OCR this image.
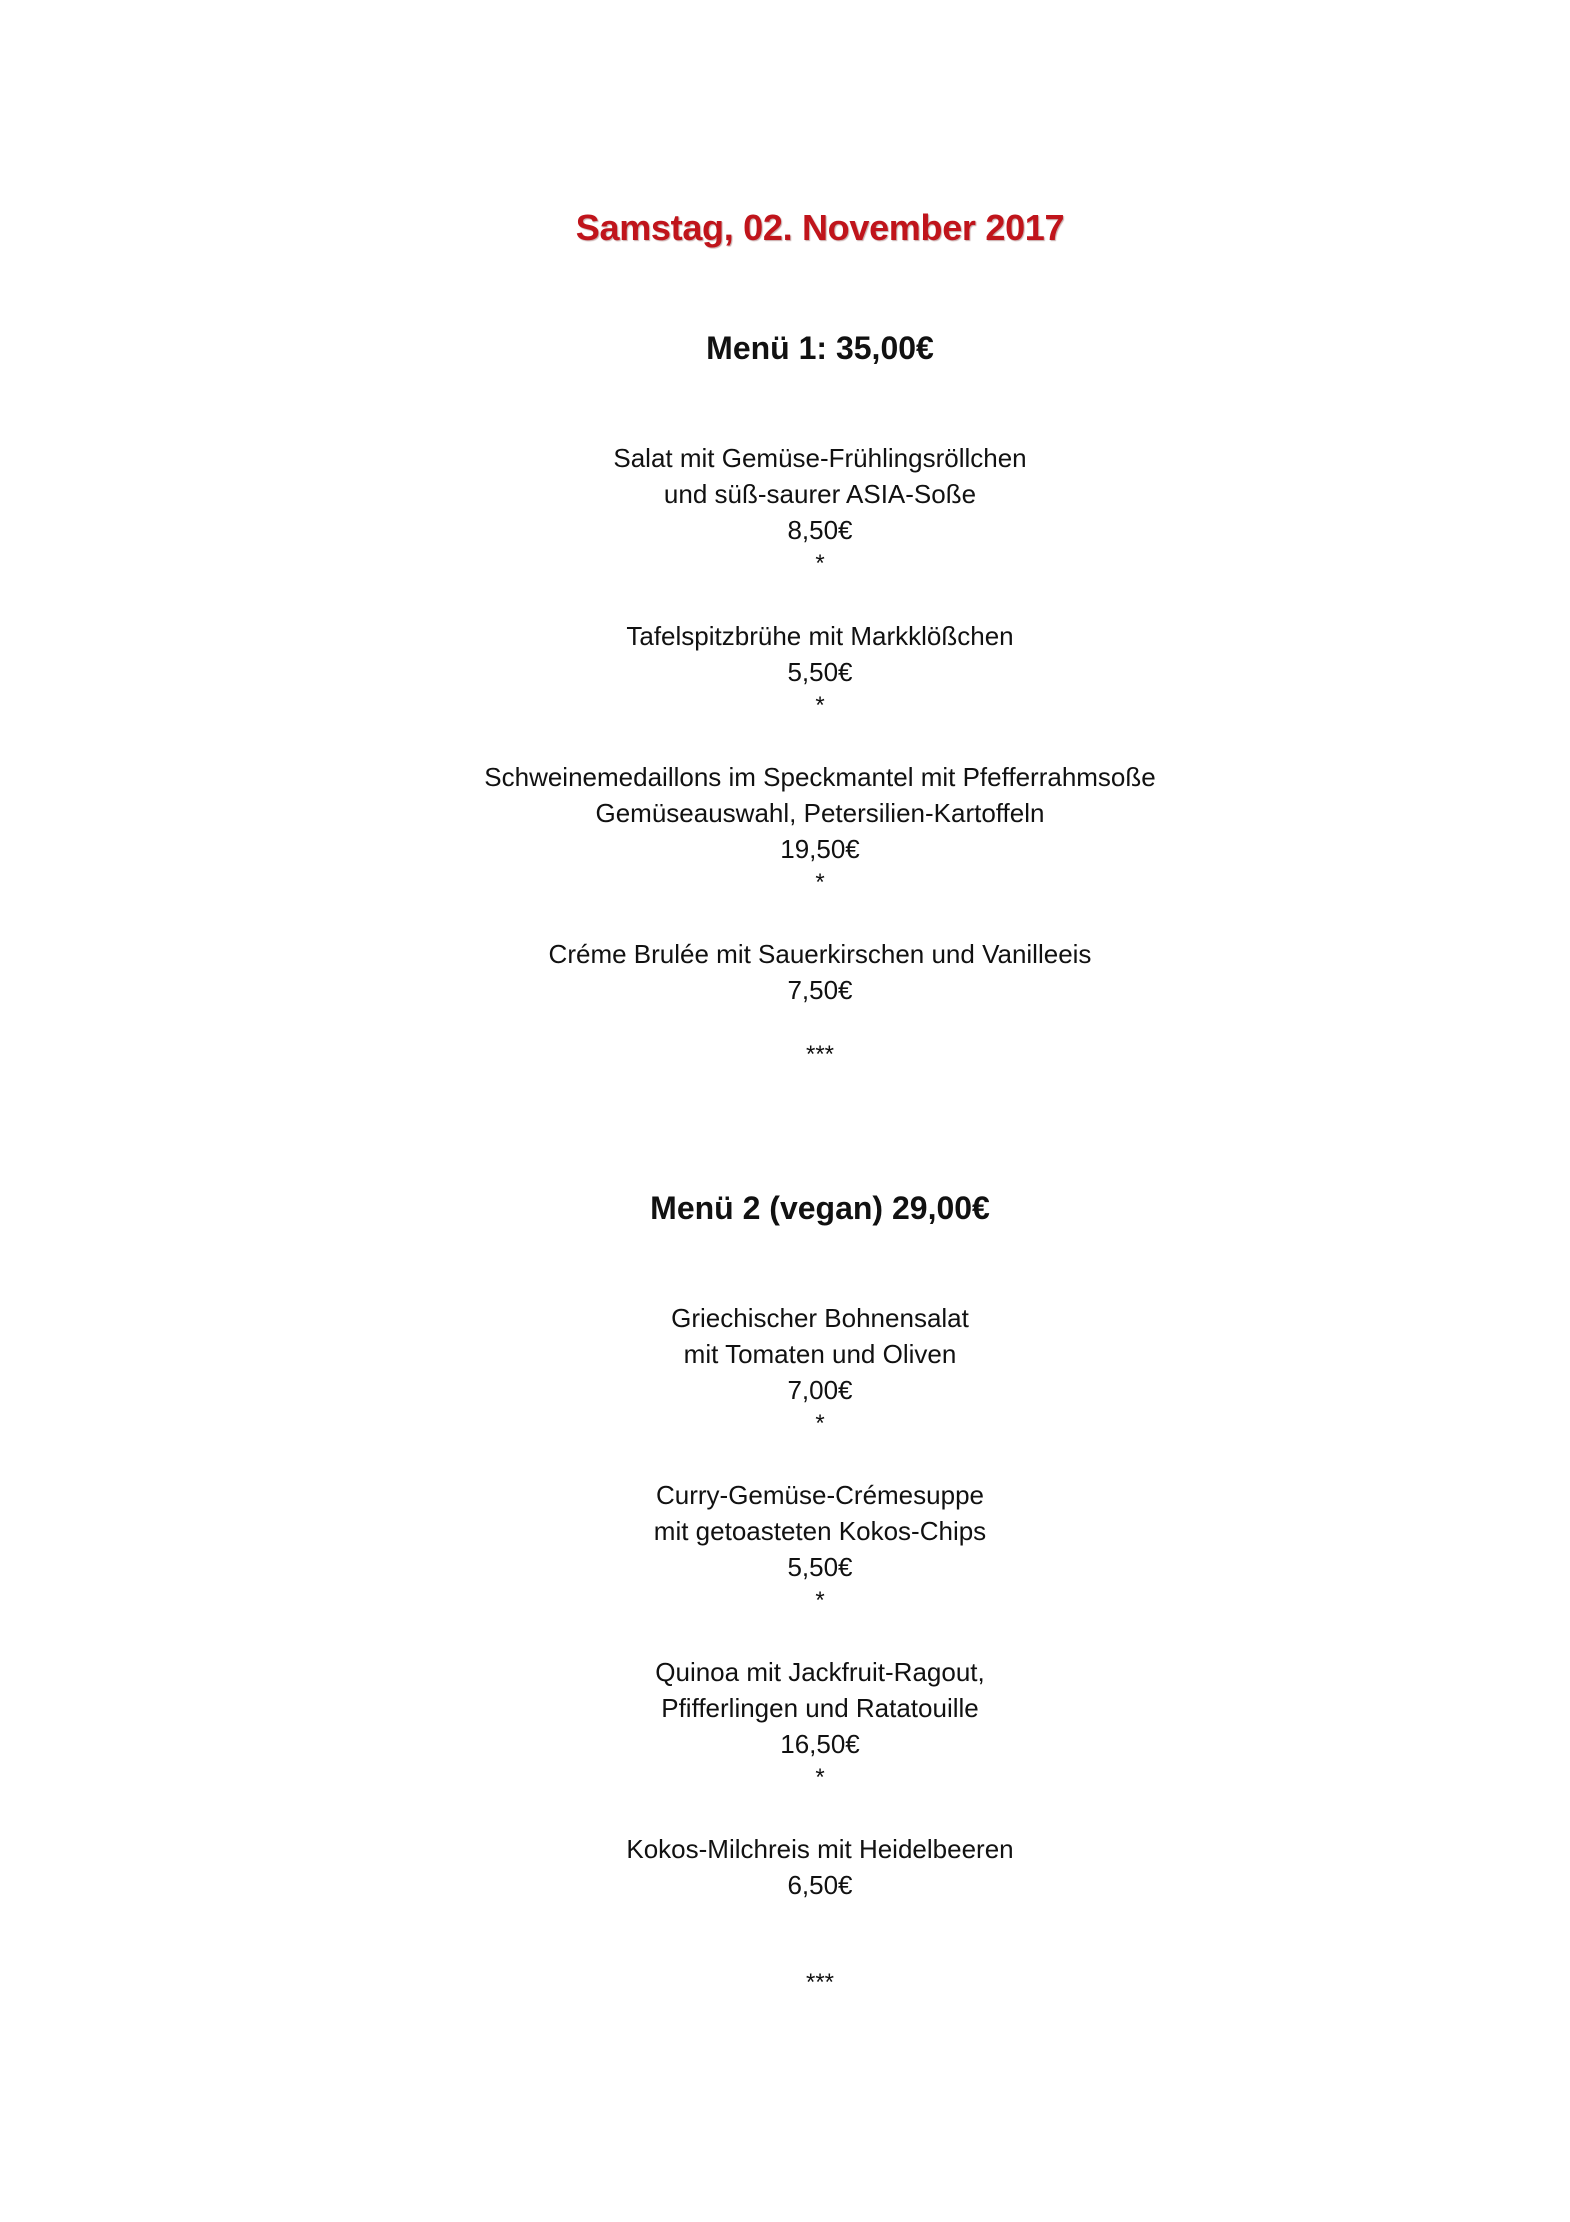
Samstag, 02. November 2017
Menü 1: 35,00€
Salat mit Gemüse-Frühlingsröllchen
und süß-saurer ASIA-Soße
8,50€
*
Tafelspitzbrühe mit Markklößchen
5,50€
*
Schweinemedaillons im Speckmantel mit Pfefferrahmsoße
Gemüseauswahl, Petersilien-Kartoffeln
19,50€
*
Créme Brulée mit Sauerkirschen und Vanilleeis
7,50€
***
Menü 2 (vegan) 29,00€
Griechischer Bohnensalat
mit Tomaten und Oliven
7,00€
*
Curry-Gemüse-Crémesuppe
mit getoasteten Kokos-Chips
5,50€
*
Quinoa mit Jackfruit-Ragout,
Pfifferlingen und Ratatouille
16,50€
*
Kokos-Milchreis mit Heidelbeeren
6,50€
***
